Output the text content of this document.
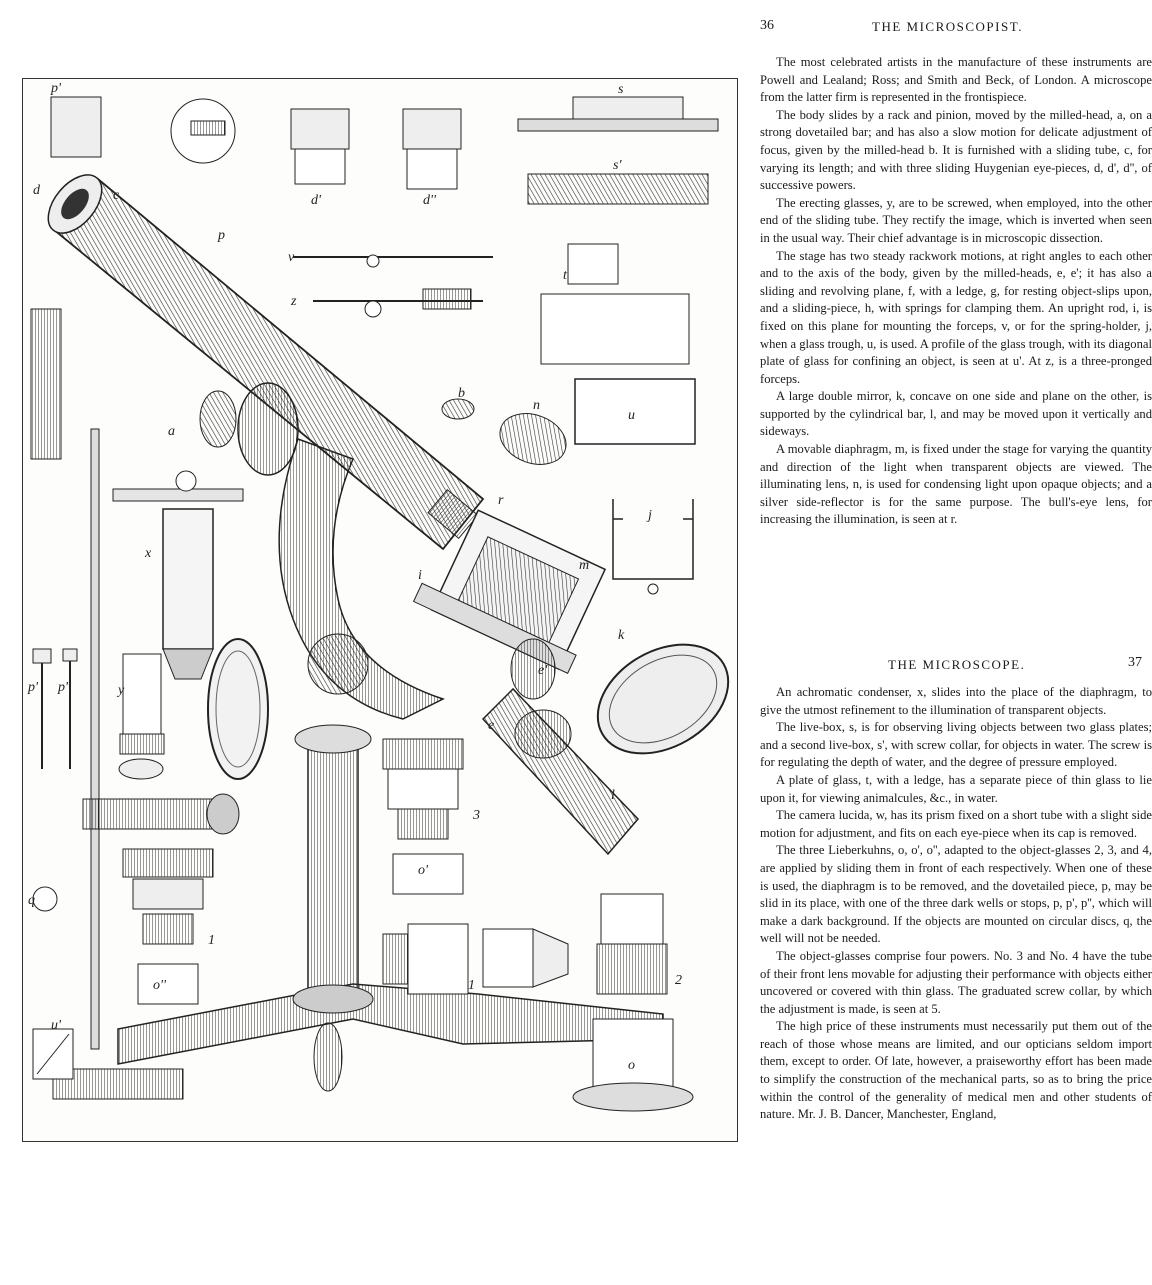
p'
d	c
b
a
n
k
r
u
j
t
s
s'
d'	d''
p
v
z
x
y
u'
q
l
o
o'
o''
1
1	2
3
p' p''
e
e'
i
m
36	THE MICROSCOPIST.

The most celebrated artists in the manufacture of these instruments are Powell and Lealand; Ross; and Smith and Beck, of London. A microscope from the latter firm is represented in the frontispiece.

The body slides by a rack and pinion, moved by the milled-head, a, on a strong dovetailed bar; and has also a slow motion for delicate adjustment of focus, given by the milled-head b. It is furnished with a sliding tube, c, for varying its length; and with three sliding Huygenian eye-pieces, d, d', d'', of successive powers.

The erecting glasses, y, are to be screwed, when employed, into the other end of the sliding tube. They rectify the image, which is inverted when seen in the usual way. Their chief advantage is in microscopic dissection.

The stage has two steady rackwork motions, at right angles to each other and to the axis of the body, given by the milled-heads, e, e'; it has also a sliding and revolving plane, f, with a ledge, g, for resting object-slips upon, and a sliding-piece, h, with springs for clamping them. An upright rod, i, is fixed on this plane for mounting the forceps, v, or for the spring-holder, j, when a glass trough, u, is used. A profile of the glass trough, with its diagonal plate of glass for confining an object, is seen at u'. At z, is a three-pronged forceps.

A large double mirror, k, concave on one side and plane on the other, is supported by the cylindrical bar, l, and may be moved upon it vertically and sideways.

A movable diaphragm, m, is fixed under the stage for varying the quantity and direction of the light when transparent objects are viewed. The illuminating lens, n, is used for condensing light upon opaque objects; and a silver side-reflector is for the same purpose. The bull's-eye lens, for increasing the illumination, is seen at r.

THE MICROSCOPE.	37

An achromatic condenser, x, slides into the place of the diaphragm, to give the utmost refinement to the illumination of transparent objects.

The live-box, s, is for observing living objects between two glass plates; and a second live-box, s', with screw collar, for objects in water. The screw is for regulating the depth of water, and the degree of pressure employed.

A plate of glass, t, with a ledge, has a separate piece of thin glass to lie upon it, for viewing animalcules, &c., in water.

The camera lucida, w, has its prism fixed on a short tube with a slight side motion for adjustment, and fits on each eye-piece when its cap is removed.

The three Lieberkuhns, o, o', o'', adapted to the object-glasses 2, 3, and 4, are applied by sliding them in front of each respectively. When one of these is used, the diaphragm is to be removed, and the dovetailed piece, p, may be slid in its place, with one of the three dark wells or stops, p, p', p'', which will make a dark background. If the objects are mounted on circular discs, q, the well will not be needed.

The object-glasses comprise four powers. No. 3 and No. 4 have the tube of their front lens movable for adjusting their performance with objects either uncovered or covered with thin glass. The graduated screw collar, by which the adjustment is made, is seen at 5.

The high price of these instruments must necessarily put them out of the reach of those whose means are limited, and our opticians seldom import them, except to order. Of late, however, a praiseworthy effort has been made to simplify the construction of the mechanical parts, so as to bring the price within the control of the generality of medical men and other students of nature. Mr. J. B. Dancer, Manchester, England,
